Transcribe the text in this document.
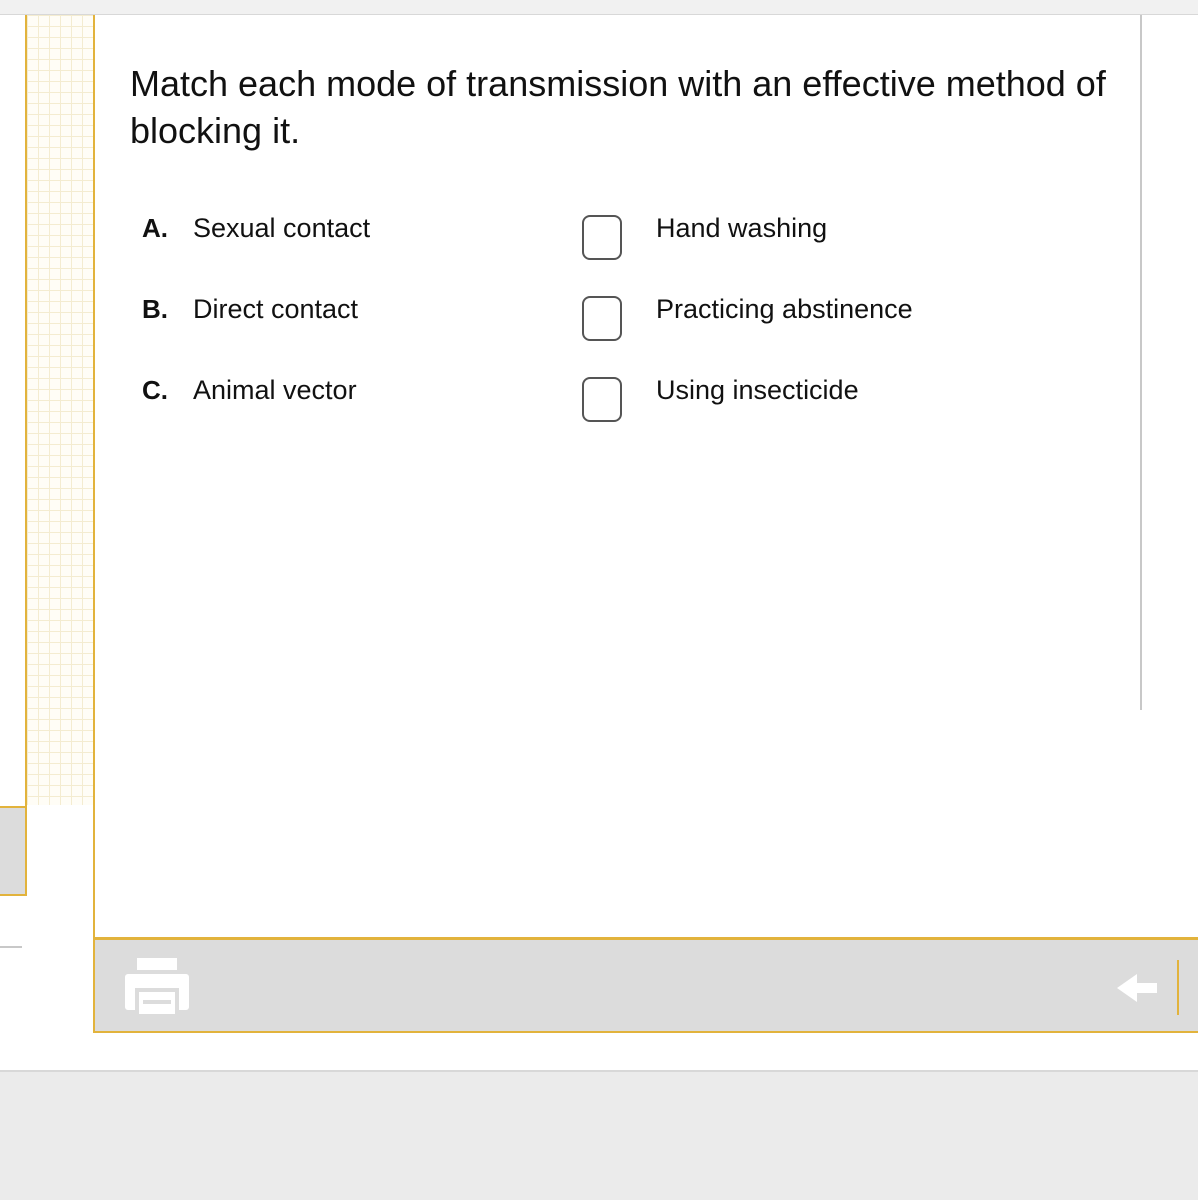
Match each mode of transmission with an effective method of blocking it.
A. Sexual contact	Hand washing
B. Direct contact	Practicing abstinence
C. Animal vector	Using insecticide
